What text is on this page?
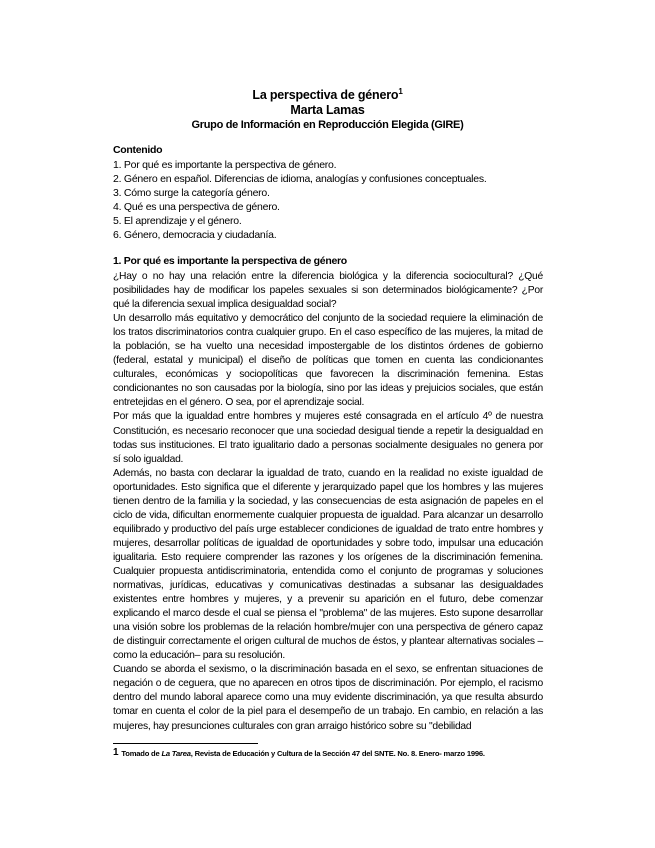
La perspectiva de género$^1$
Marta Lamas
Grupo de Información en Reproducción Elegida (GIRE)
Contenido
1. Por qué es importante la perspectiva de género.
2. Género en español. Diferencias de idioma, analogías y confusiones conceptuales.
3. Cómo surge la categoría género.
4. Qué es una perspectiva de género.
5. El aprendizaje y el género.
6. Género, democracia y ciudadanía.
1. Por qué es importante la perspectiva de género

¿Hay o no hay una relación entre la diferencia biológica y la diferencia sociocultural? ¿Qué posibilidades hay de modificar los papeles sexuales si son determinados biológicamente? ¿Por qué la diferencia sexual implica desigualdad social?

Un desarrollo más equitativo y democrático del conjunto de la sociedad requiere la eliminación de los tratos discriminatorios contra cualquier grupo. En el caso específico de las mujeres, la mitad de la población, se ha vuelto una necesidad impostergable de los distintos órdenes de gobierno (federal, estatal y municipal) el diseño de políticas que tomen en cuenta las condicionantes culturales, económicas y sociopolíticas que favorecen la discriminación femenina. Estas condicionantes no son causadas por la biología, sino por las ideas y prejuicios sociales, que están entretejidas en el género. O sea, por el aprendizaje social.

Por más que la igualdad entre hombres y mujeres esté consagrada en el artículo 4º de nuestra Constitución, es necesario reconocer que una sociedad desigual tiende a repetir la desigualdad en todas sus instituciones. El trato igualitario dado a personas socialmente desiguales no genera por sí solo igualdad.

Además, no basta con declarar la igualdad de trato, cuando en la realidad no existe igualdad de oportunidades. Esto significa que el diferente y jerarquizado papel que los hombres y las mujeres tienen dentro de la familia y la sociedad, y las consecuencias de esta asignación de papeles en el ciclo de vida, dificultan enormemente cualquier propuesta de igualdad. Para alcanzar un desarrollo equilibrado y productivo del país urge establecer condiciones de igualdad de trato entre hombres y mujeres, desarrollar políticas de igualdad de oportunidades y sobre todo, impulsar una educación igualitaria. Esto requiere comprender las razones y los orígenes de la discriminación femenina. Cualquier propuesta antidiscriminatoria, entendida como el conjunto de programas y soluciones normativas, jurídicas, educativas y comunicativas destinadas a subsanar las desigualdades existentes entre hombres y mujeres, y a prevenir su aparición en el futuro, debe comenzar explicando el marco desde el cual se piensa el "problema" de las mujeres. Esto supone desarrollar una visión sobre los problemas de la relación hombre/mujer con una perspectiva de género capaz de distinguir correctamente el origen cultural de muchos de éstos, y plantear alternativas sociales –como la educación– para su resolución.

Cuando se aborda el sexismo, o la discriminación basada en el sexo, se enfrentan situaciones de negación o de ceguera, que no aparecen en otros tipos de discriminación. Por ejemplo, el racismo dentro del mundo laboral aparece como una muy evidente discriminación, ya que resulta absurdo tomar en cuenta el color de la piel para el desempeño de un trabajo. En cambio, en relación a las mujeres, hay presunciones culturales con gran arraigo histórico sobre su "debilidad

1 Tomado de La Tarea, Revista de Educación y Cultura de la Sección 47 del SNTE. No. 8. Enero- marzo 1996.
